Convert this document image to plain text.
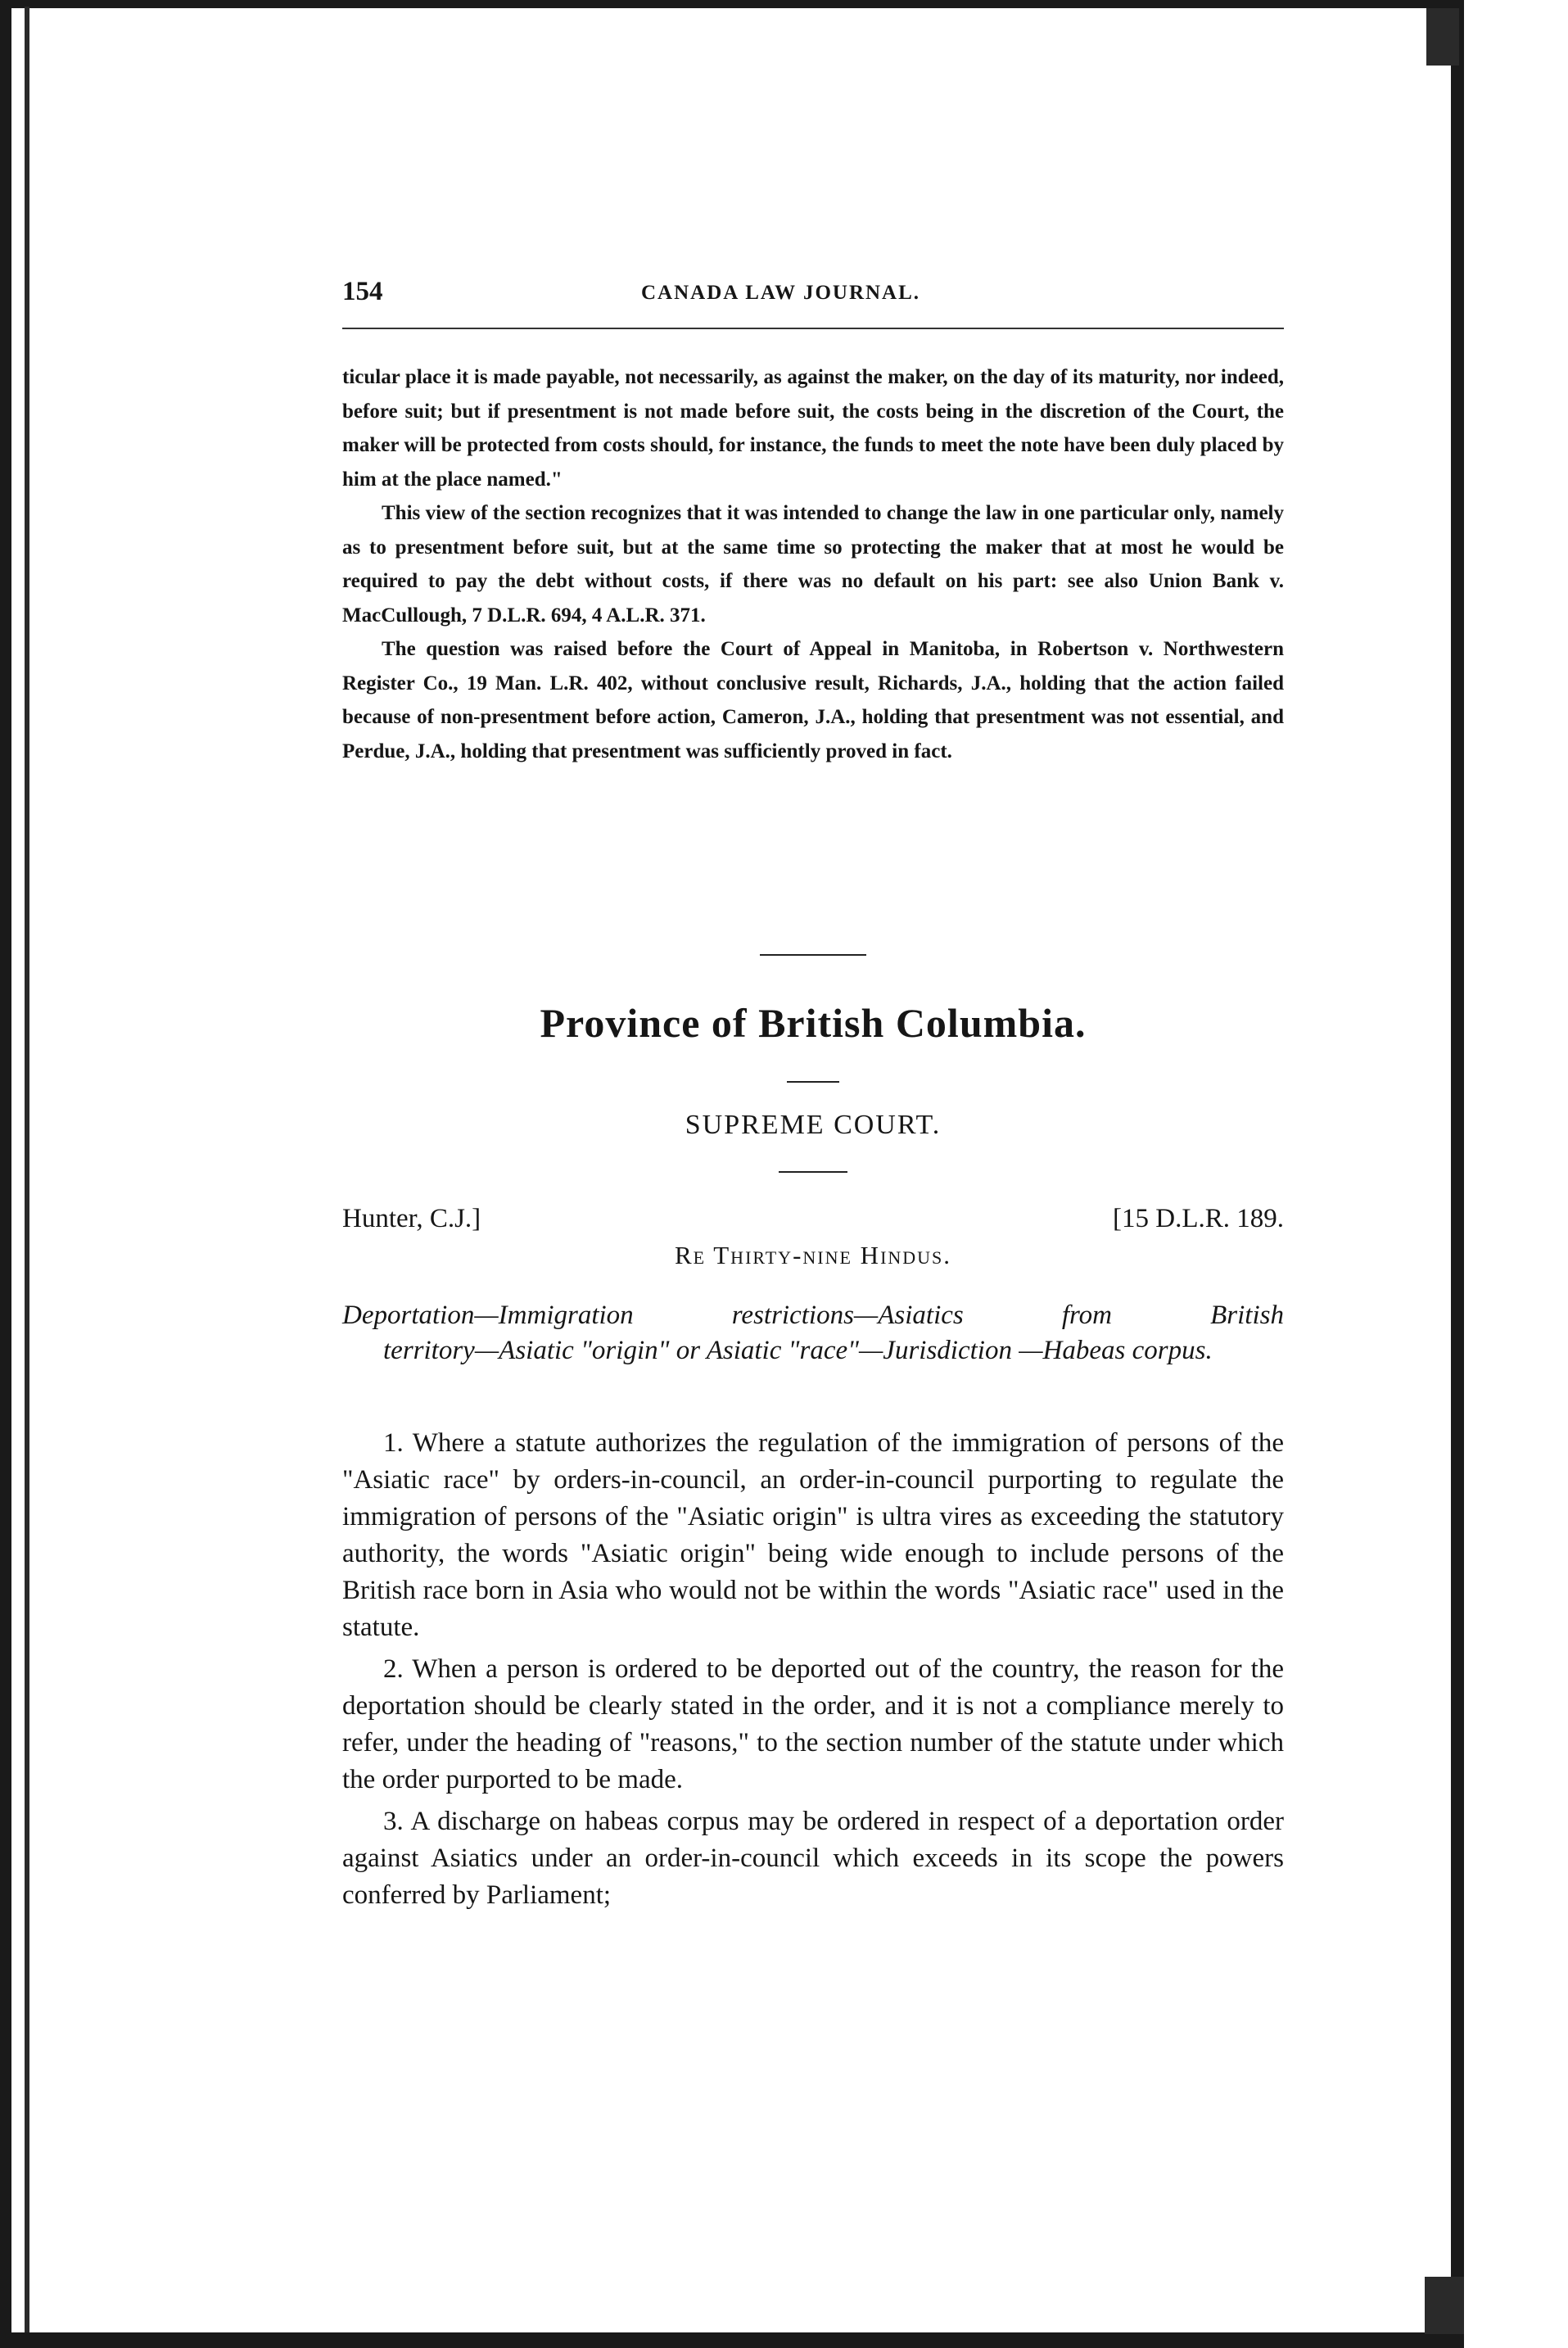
154	CANADA LAW JOURNAL.

ticular place it is made payable, not necessarily, as against the maker, on the day of its maturity, nor indeed, before suit; but if presentment is not made before suit, the costs being in the discretion of the Court, the maker will be protected from costs should, for instance, the funds to meet the note have been duly placed by him at the place named."

This view of the section recognizes that it was intended to change the law in one particular only, namely as to presentment before suit, but at the same time so protecting the maker that at most he would be required to pay the debt without costs, if there was no default on his part: see also Union Bank v. MacCullough, 7 D.L.R. 694, 4 A.L.R. 371.

The question was raised before the Court of Appeal in Manitoba, in Robertson v. Northwestern Register Co., 19 Man. L.R. 402, without conclusive result, Richards, J.A., holding that the action failed because of non-presentment before action, Cameron, J.A., holding that presentment was not essential, and Perdue, J.A., holding that presentment was sufficiently proved in fact.

Province of British Columbia.
SUPREME COURT.
Hunter, C.J.]	[15 D.L.R. 189.
Re Thirty-nine Hindus.
Deportation—Immigration restrictions—Asiatics from British
territory—Asiatic "origin" or Asiatic "race"—Jurisdiction —Habeas corpus.

1. Where a statute authorizes the regulation of the immigration of persons of the "Asiatic race" by orders-in-council, an order-in-council purporting to regulate the immigration of persons of the "Asiatic origin" is ultra vires as exceeding the statutory authority, the words "Asiatic origin" being wide enough to include persons of the British race born in Asia who would not be within the words "Asiatic race" used in the statute.

2. When a person is ordered to be deported out of the country, the reason for the deportation should be clearly stated in the order, and it is not a compliance merely to refer, under the heading of "reasons," to the section number of the statute under which the order purported to be made.

3. A discharge on habeas corpus may be ordered in respect of a deportation order against Asiatics under an order-in-council which exceeds in its scope the powers conferred by Parliament;
